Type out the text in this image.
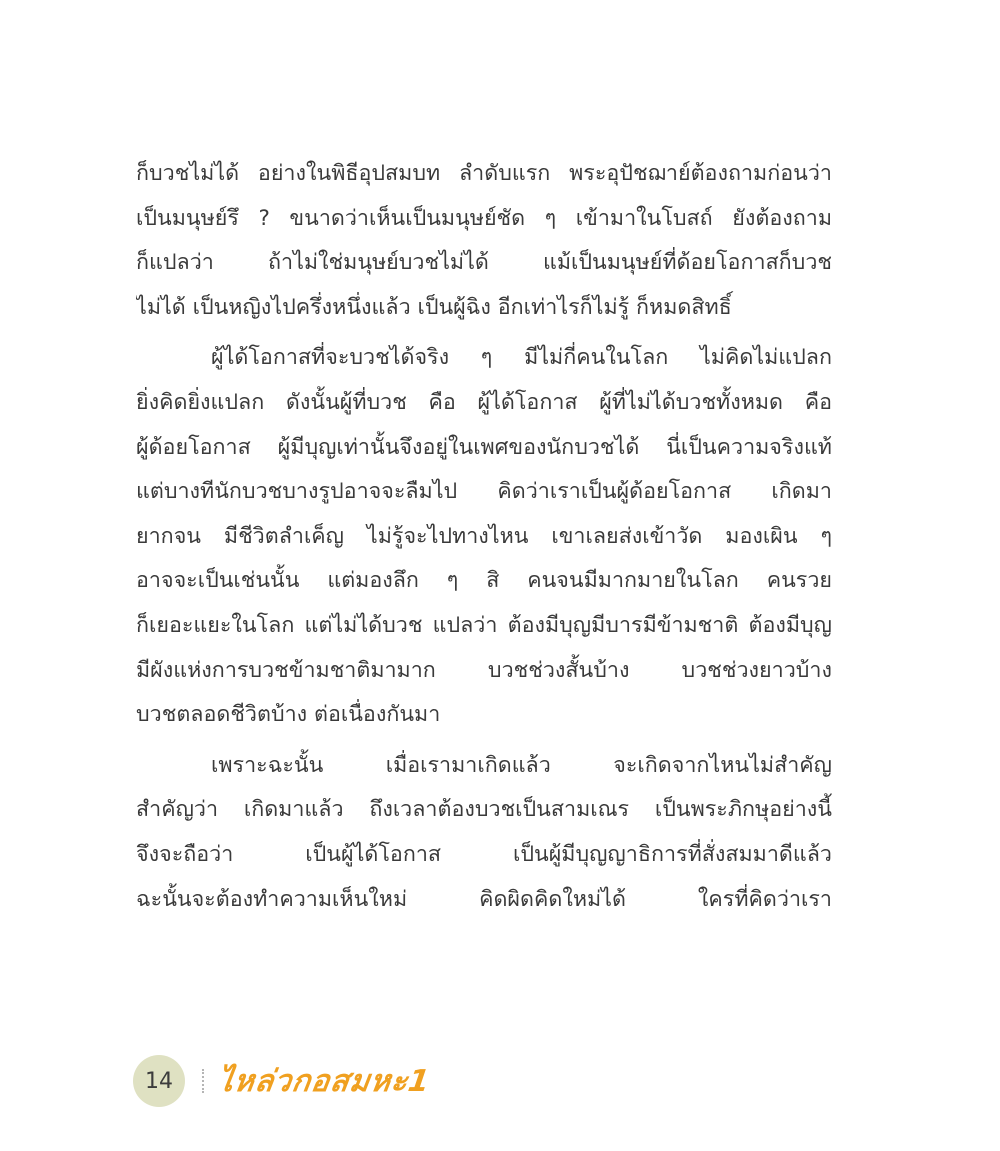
ก็บวชไม่ได้ อย่างในพิธีอุปสมบท ลำดับแรก พระอุปัชฌาย์ต้องถามก่อนว่า
เป็นมนุษย์รึ ? ขนาดว่าเห็นเป็นมนุษย์ชัด ๆ เข้ามาในโบสถ์ ยังต้องถาม
ก็แปลว่า ถ้าไม่ใช่มนุษย์บวชไม่ได้ แม้เป็นมนุษย์ที่ด้อยโอกาสก็บวช
ไม่ได้ เป็นหญิงไปครึ่งหนึ่งแล้ว เป็นผู้ฉิง อีกเท่าไรก็ไม่รู้ ก็หมดสิทธิ์
ผู้ได้โอกาสที่จะบวชได้จริง ๆ มีไม่กี่คนในโลก ไม่คิดไม่แปลก
ยิ่งคิดยิ่งแปลก ดังนั้นผู้ที่บวช คือ ผู้ได้โอกาส ผู้ที่ไม่ได้บวชทั้งหมด คือ
ผู้ด้อยโอกาส ผู้มีบุญเท่านั้นจึงอยู่ในเพศของนักบวชได้ นี่เป็นความจริงแท้
แต่บางทีนักบวชบางรูปอาจจะลืมไป คิดว่าเราเป็นผู้ด้อยโอกาส เกิดมา
ยากจน มีชีวิตลำเค็ญ ไม่รู้จะไปทางไหน เขาเลยส่งเข้าวัด มองเผิน ๆ
อาจจะเป็นเช่นนั้น แต่มองลึก ๆ สิ คนจนมีมากมายในโลก คนรวย
ก็เยอะแยะในโลก แต่ไม่ได้บวช แปลว่า ต้องมีบุญมีบารมีข้ามชาติ ต้องมีบุญ
มีผังแห่งการบวชข้ามชาติมามาก บวชช่วงสั้นบ้าง บวชช่วงยาวบ้าง
บวชตลอดชีวิตบ้าง ต่อเนื่องกันมา
เพราะฉะนั้น เมื่อเรามาเกิดแล้ว จะเกิดจากไหนไม่สำคัญ
สำคัญว่า เกิดมาแล้ว ถึงเวลาต้องบวชเป็นสามเณร เป็นพระภิกษุอย่างนี้
จึงจะถือว่า เป็นผู้ได้โอกาส เป็นผู้มีบุญญาธิการที่สั่งสมมาดีแล้ว
ฉะนั้นจะต้องทำความเห็นใหม่ คิดผิดคิดใหม่ได้ ใครที่คิดว่าเรา
14 ไหล่วกอสมหะ1
